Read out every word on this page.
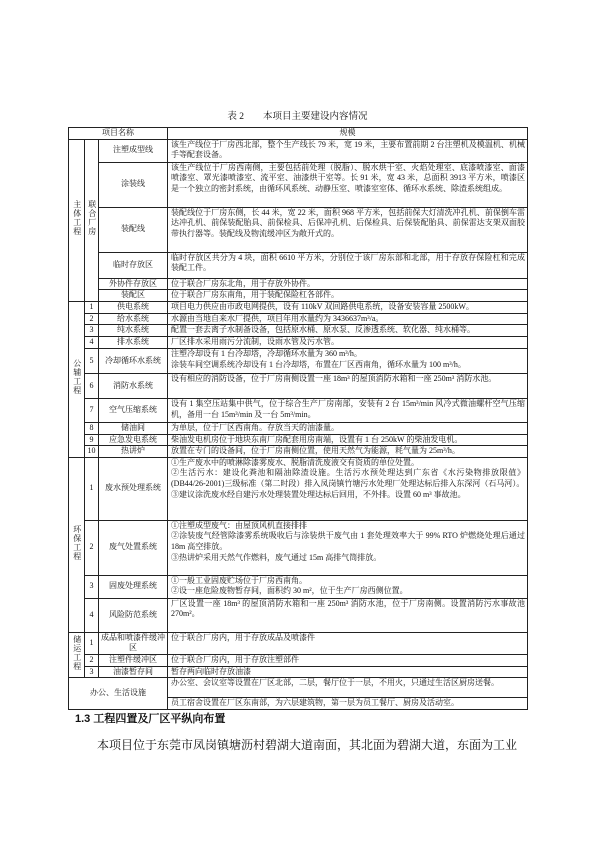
表 2　　本项目主要建设内容情况
项目名称			规模
主体工程	联合厂房	注塑成型线	该生产线位于厂房西北部，整个生产线长 79 米，宽 19 米，主要布置前期 2 台注塑机及模温机、机械手等配套设备。

		涂装线	该生产线位于厂房西南侧，主要包括前处理（脱脂）、脱水烘干室、火焰处理室、底漆喷漆室、面漆喷漆室、罩光漆喷漆室、流平室、油漆烘干室等。长 91 米，宽 43 米，总面积 3913 平方米，喷漆区是一个独立的密封系统，由循环风系统、动静压室、喷漆室室体、循环水系统、除渣系统组成。

		装配线	装配线位于厂房东侧，长 44 米，宽 22 米，面积 968 平方米，包括前保大灯清洗冲孔机、前保倒车雷达冲孔机、前保装配胎具、前保检具、后保冲孔机、后保检具、后保装配胎具、前保雷达支架双面胶带执行器等。装配线及物流缓冲区为敞开式的。

		临时存放区	临时存放区共分为 4 块，面积 6610 平方米，分别位于该厂房东部和北部，用于存放存保险杠和完成装配工件。

		外协件存放区	位于联合厂房东北角，用于存放外协件。

		装配区	位于联合厂房东南角，用于装配保险杠各部件。

公辅工程	1	供电系统	项目电力供应由市政电网提供，设有 110kV 双回路供电系统，设备安装容量 2500kW。

	2	给水系统	水源由当地自来水厂提供，项目年用水量约为 3436637m³/a。

	3	纯水系统	配置一套去离子水制备设备，包括原水桶、原水泵、反渗透系统、软化器、纯水桶等。

	4	排水系统	厂区排水采用雨污分流制，设雨水管及污水管。

	5	冷却循环水系统	注塑冷却设有 1 台冷却塔，冷却循环水量为 360 m³/h。
涂装车间空调系统冷却设有 1 台冷却塔，布置在厂区西南角，循环水量为 100 m³/h。

	6	消防水系统	设有相应的消防设备，位于厂房南侧设置一座 18m³ 的屋顶消防水箱和一座 250m³ 消防水池。

	7	空气压缩系统	设有 1 集空压站集中供气，位于综合生产厂房南部，安装有 2 台 15m³/min 风冷式微油螺杆空气压缩机，备用一台 15m³/min 及一台 5m³/min。

	8	储油间	为单层，位于厂区西南角。存放当天的油漆量。

	9	应急发电系统	柴油发电机房位于地块东南厂房配套用房南端，设置有 1 台 250kW 的柴油发电机。

	10	热讲炉	放置在专门的设备间，位于厂房南侧位置，使用天然气为能源，耗气量为 25m³/h。

环保工程	1	废水预处理系统	①生产废水中的喷淋除漆雾废水、脱脂清洗废液交有资质的单位处置。
②生活污水：建设化粪池和隔油除渣设施。生活污水预处理达到广东省《水污染物排放限值》(DB44/26-2001)三级标准（第二时段）排入凤岗镇竹塘污水处理厂处理达标后排入东深河（石马河）。
③建议涂洗废水经自建污水处理装置处理达标后回用，不外排。设置 60 m³ 事故池。

	2	废气处置系统	①注塑成型废气：由屋顶风机直接排排
②涂装废气经管除漆雾系统吸收后与涂装烘干废气由 1 套处理效率大于 99% RTO 炉燃烧处理后通过 18m 高空排放。
③热讲炉采用天然气作燃料，废气通过 15m 高排气筒排放。

	3	固废处理系统	①一般工业固废贮场位于厂房西南角。
②设一座危险废物暂存间，面积约 30 m²，位于生产厂房西侧位置。

	4	风险防范系统	厂区设置一座 18m³ 的屋顶消防水箱和一座 250m³ 消防水池，位于厂房南侧。设置消防污水事故池 270m²。

储运工程	1	成品和喷漆件缓冲区	位于联合厂房内，用于存放成品及喷漆件

	2	注塑件缓冲区	位于联合厂房内，用于存放注塑部件

	3	油漆暂存间	暂存两向临时存放油漆

办公、生活设施			办公室、会议室等设置在厂区北部，二层，餐厅位于一层，不用火，只通过生活区厨房送餐。

			员工宿舍设置在厂区东南部，为六层建筑物，第一层为员工餐厅、厨房及活动室。
1.3 工程四置及厂区平纵向布置
本项目位于东莞市凤岗镇塘沥村碧湖大道南面，其北面为碧湖大道，东面为工业
